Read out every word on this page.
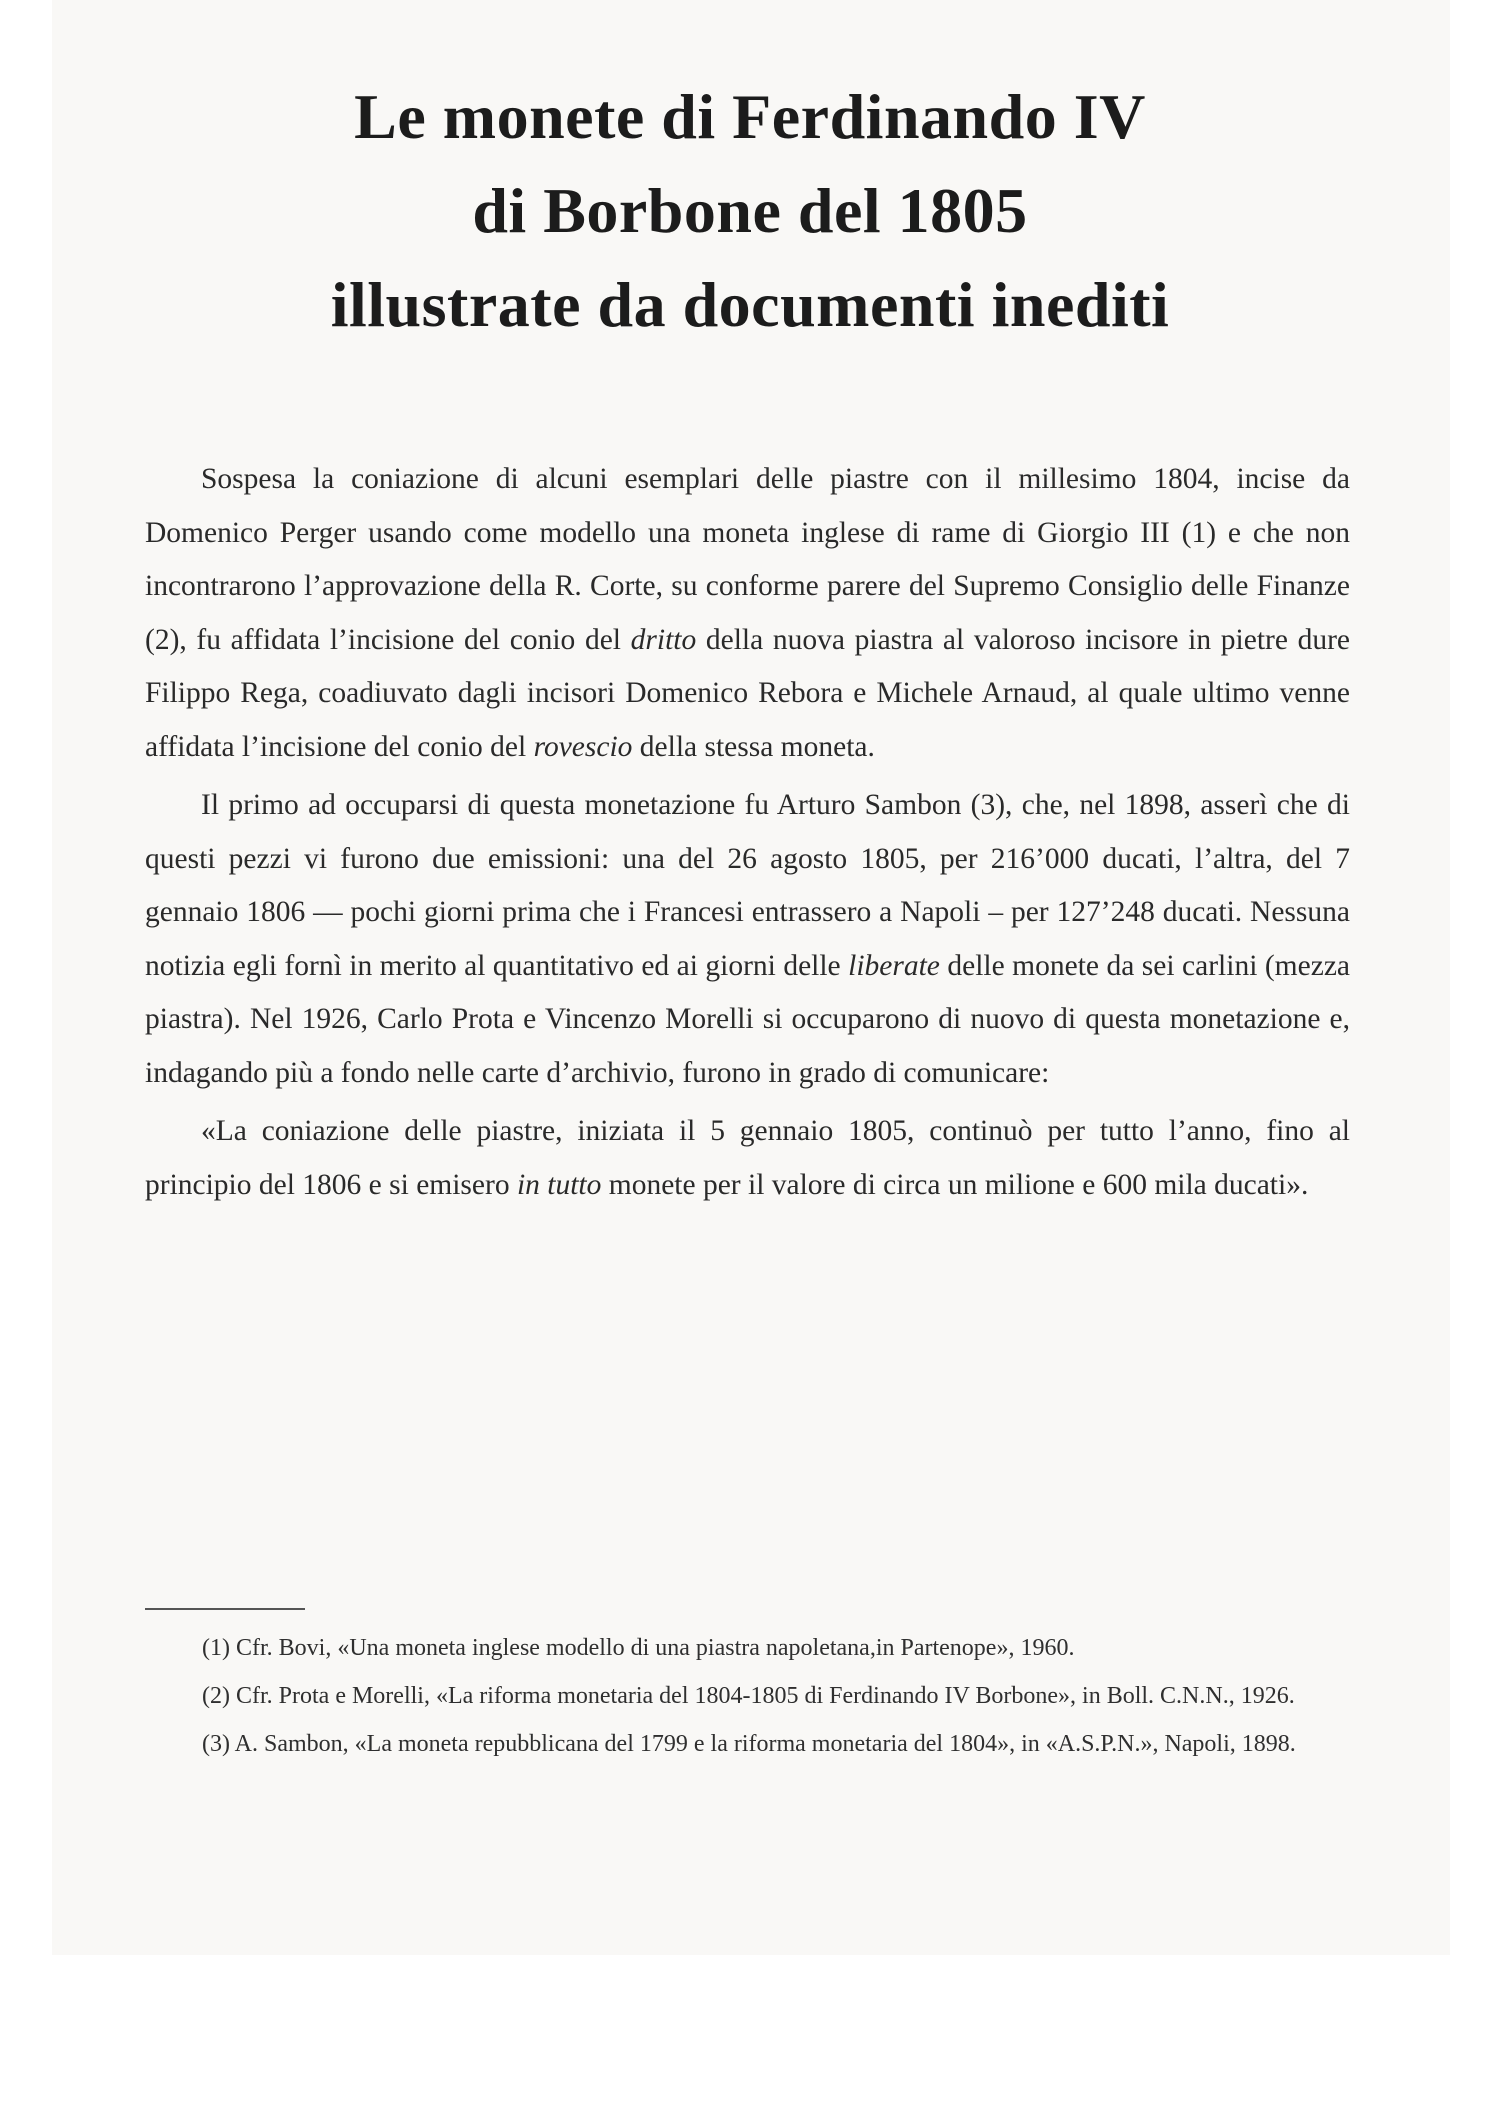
Le monete di Ferdinando IV
di Borbone del 1805
illustrate da documenti inediti

Sospesa la coniazione di alcuni esemplari delle piastre con il millesimo 1804, incise da Domenico Perger usando come modello una moneta inglese di rame di Giorgio III (1) e che non incontrarono l’approvazione della R. Corte, su conforme parere del Supremo Consiglio delle Finanze (2), fu affidata l’incisione del conio del dritto della nuova piastra al valoroso incisore in pietre dure Filippo Rega, coadiuvato dagli incisori Domenico Rebora e Michele Arnaud, al quale ultimo venne affidata l’incisione del conio del rovescio della stessa moneta.

Il primo ad occuparsi di questa monetazione fu Arturo Sambon (3), che, nel 1898, asserì che di questi pezzi vi furono due emissioni: una del 26 agosto 1805, per 216’000 ducati, l’altra, del 7 gennaio 1806 — pochi giorni prima che i Francesi entrassero a Napoli – per 127’248 ducati. Nessuna notizia egli fornì in merito al quantitativo ed ai giorni delle liberate delle monete da sei carlini (mezza piastra). Nel 1926, Carlo Prota e Vincenzo Morelli si occuparono di nuovo di questa monetazione e, indagando più a fondo nelle carte d’archivio, furono in grado di comunicare:

«La coniazione delle piastre, iniziata il 5 gennaio 1805, continuò per tutto l’anno, fino al principio del 1806 e si emisero in tutto monete per il valore di circa un milione e 600 mila ducati».

(1) Cfr. Bovi, «Una moneta inglese modello di una piastra napoletana,in Partenope», 1960.

(2) Cfr. Prota e Morelli, «La riforma monetaria del 1804-1805 di Ferdinando IV Borbone», in Boll. C.N.N., 1926.

(3) A. Sambon, «La moneta repubblicana del 1799 e la riforma monetaria del 1804», in «A.S.P.N.», Napoli, 1898.
